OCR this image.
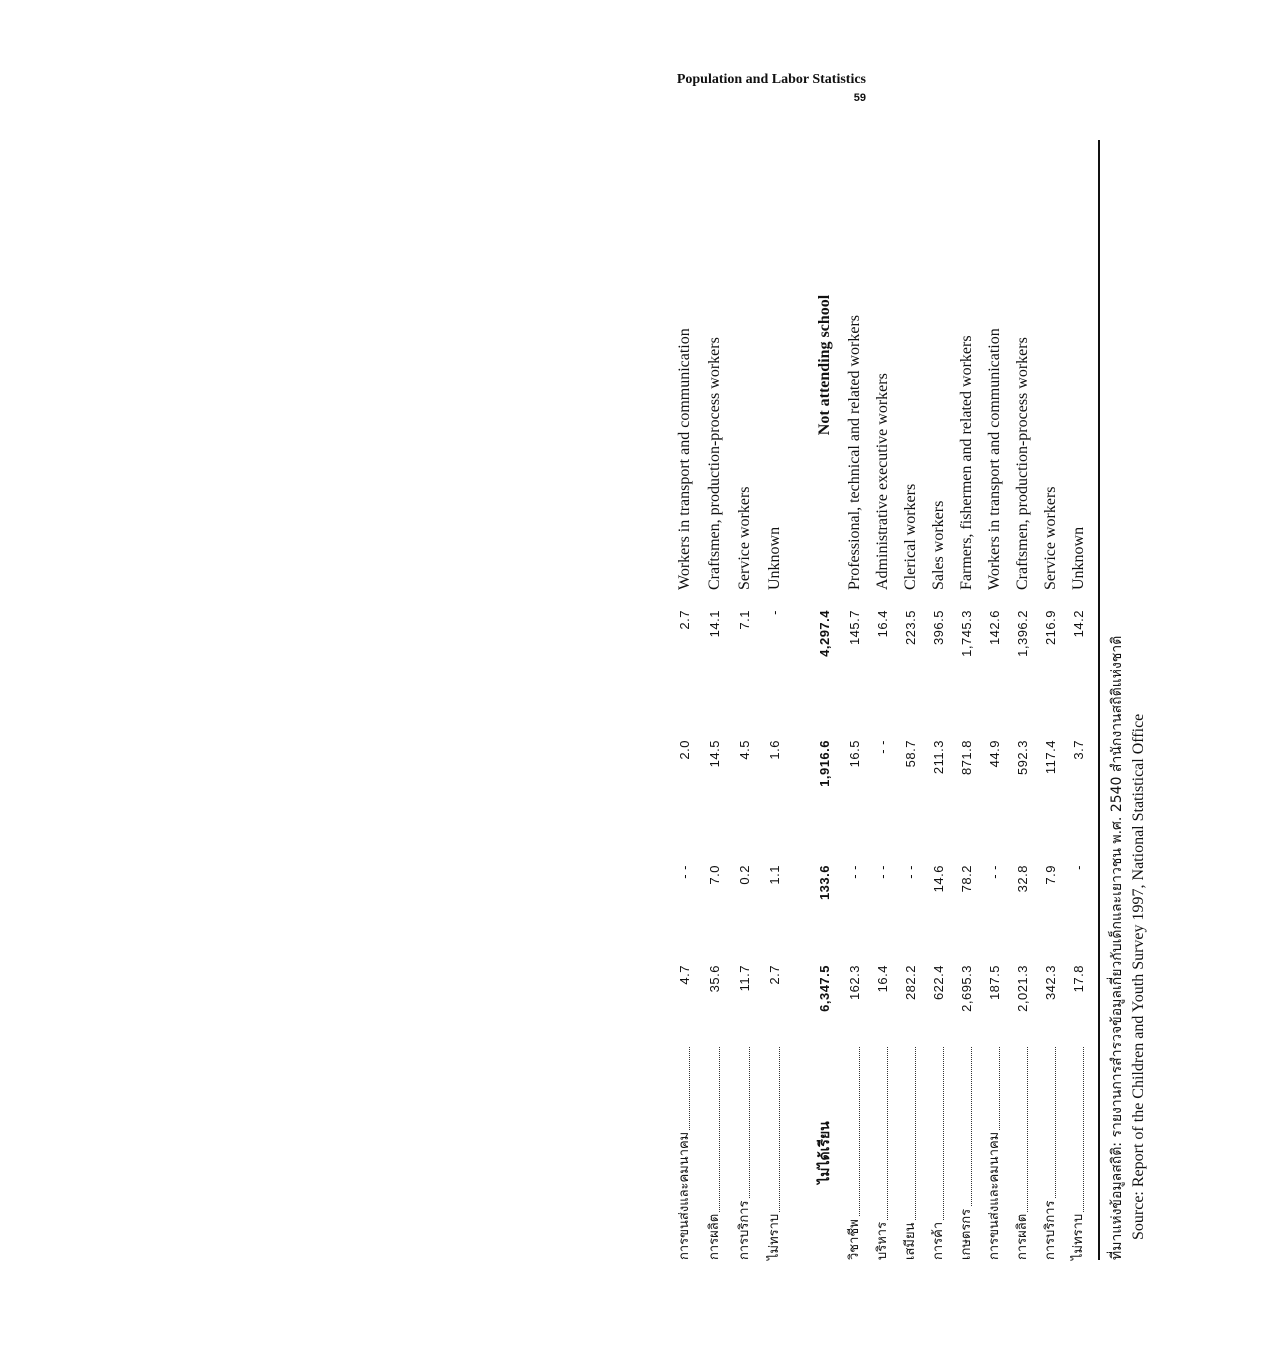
Population and Labor Statistics
59
การขนส่งและคมนาคม
4.7
- -
2.0
2.7
Workers in transport and communication
การผลิต
35.6
7.0
14.5
14.1
Craftsmen, production-process workers
การบริการ
11.7
0.2
4.5
7.1
Service workers
ไม่ทราบ
2.7
1.1
1.6
-
Unknown
ไม่ได้เรียน
6,347.5
133.6
1,916.6
4,297.4
Not attending school
วิชาชีพ
162.3
- -
16.5
145.7
Professional, technical and related workers
บริหาร
16.4
- -
- -
16.4
Administrative executive workers
เสมียน
282.2
- -
58.7
223.5
Clerical workers
การค้า
622.4
14.6
211.3
396.5
Sales workers
เกษตรกร
2,695.3
78.2
871.8
1,745.3
Farmers, fishermen and related workers
การขนส่งและคมนาคม
187.5
- -
44.9
142.6
Workers in transport and communication
การผลิต
2,021.3
32.8
592.3
1,396.2
Craftsmen, production-process workers
การบริการ
342.3
7.9
117.4
216.9
Service workers
ไม่ทราบ
17.8
-
3.7
14.2
Unknown
ที่มาแห่งข้อมูลสถิติ: รายงานการสำรวจข้อมูลเกี่ยวกับเด็กและเยาวชน พ.ศ. 2540 สำนักงานสถิติแห่งชาติ Source: Report of the Children and Youth Survey 1997, National Statistical Office
